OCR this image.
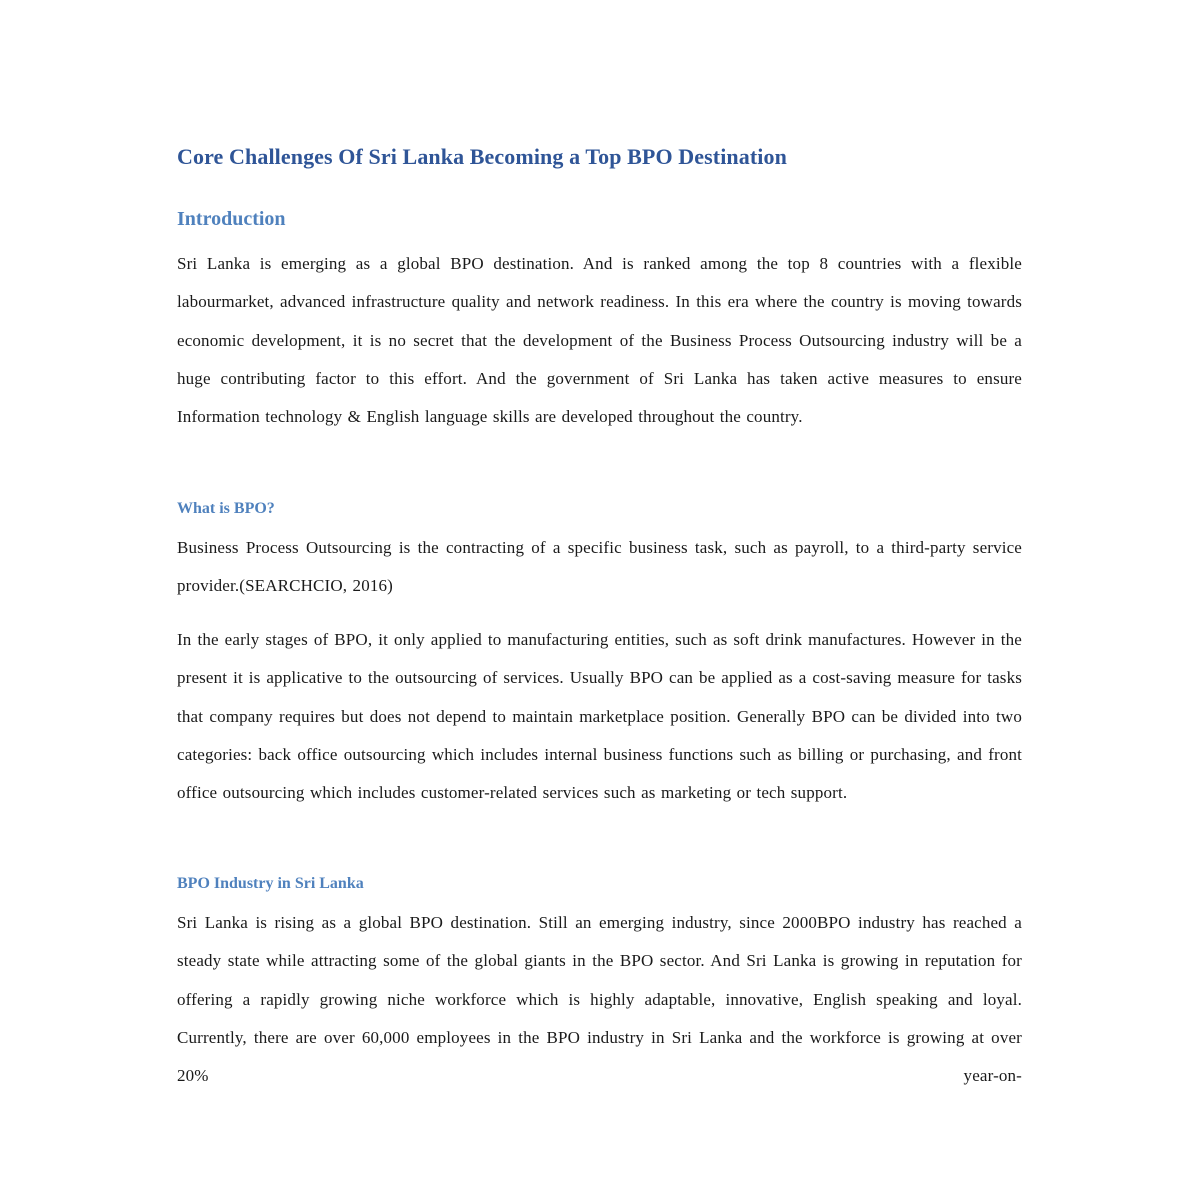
Core Challenges Of Sri Lanka Becoming a Top BPO Destination
Introduction

Sri Lanka is emerging as a global BPO destination. And is ranked among the top 8 countries with a flexible labourmarket, advanced infrastructure quality and network readiness. In this era where the country is moving towards economic development, it is no secret that the development of the Business Process Outsourcing industry will be a huge contributing factor to this effort. And the government of Sri Lanka has taken active measures to ensure Information technology & English language skills are developed throughout the country.

What is BPO?

Business Process Outsourcing is the contracting of a specific business task, such as payroll, to a third-party service provider.(SEARCHCIO, 2016)

In the early stages of BPO, it only applied to manufacturing entities, such as soft drink manufactures. However in the present it is applicative to the outsourcing of services. Usually BPO can be applied as a cost-saving measure for tasks that company requires but does not depend to maintain marketplace position. Generally BPO can be divided into two categories: back office outsourcing which includes internal business functions such as billing or purchasing, and front office outsourcing which includes customer-related services such as marketing or tech support.

BPO Industry in Sri Lanka

Sri Lanka is rising as a global BPO destination. Still an emerging industry, since 2000BPO industry has reached a steady state while attracting some of the global giants in the BPO sector. And Sri Lanka is growing in reputation for offering a rapidly growing niche workforce which is highly adaptable, innovative, English speaking and loyal. Currently, there are over 60,000 employees in the BPO industry in Sri Lanka and the workforce is growing at over 20% year-on-
